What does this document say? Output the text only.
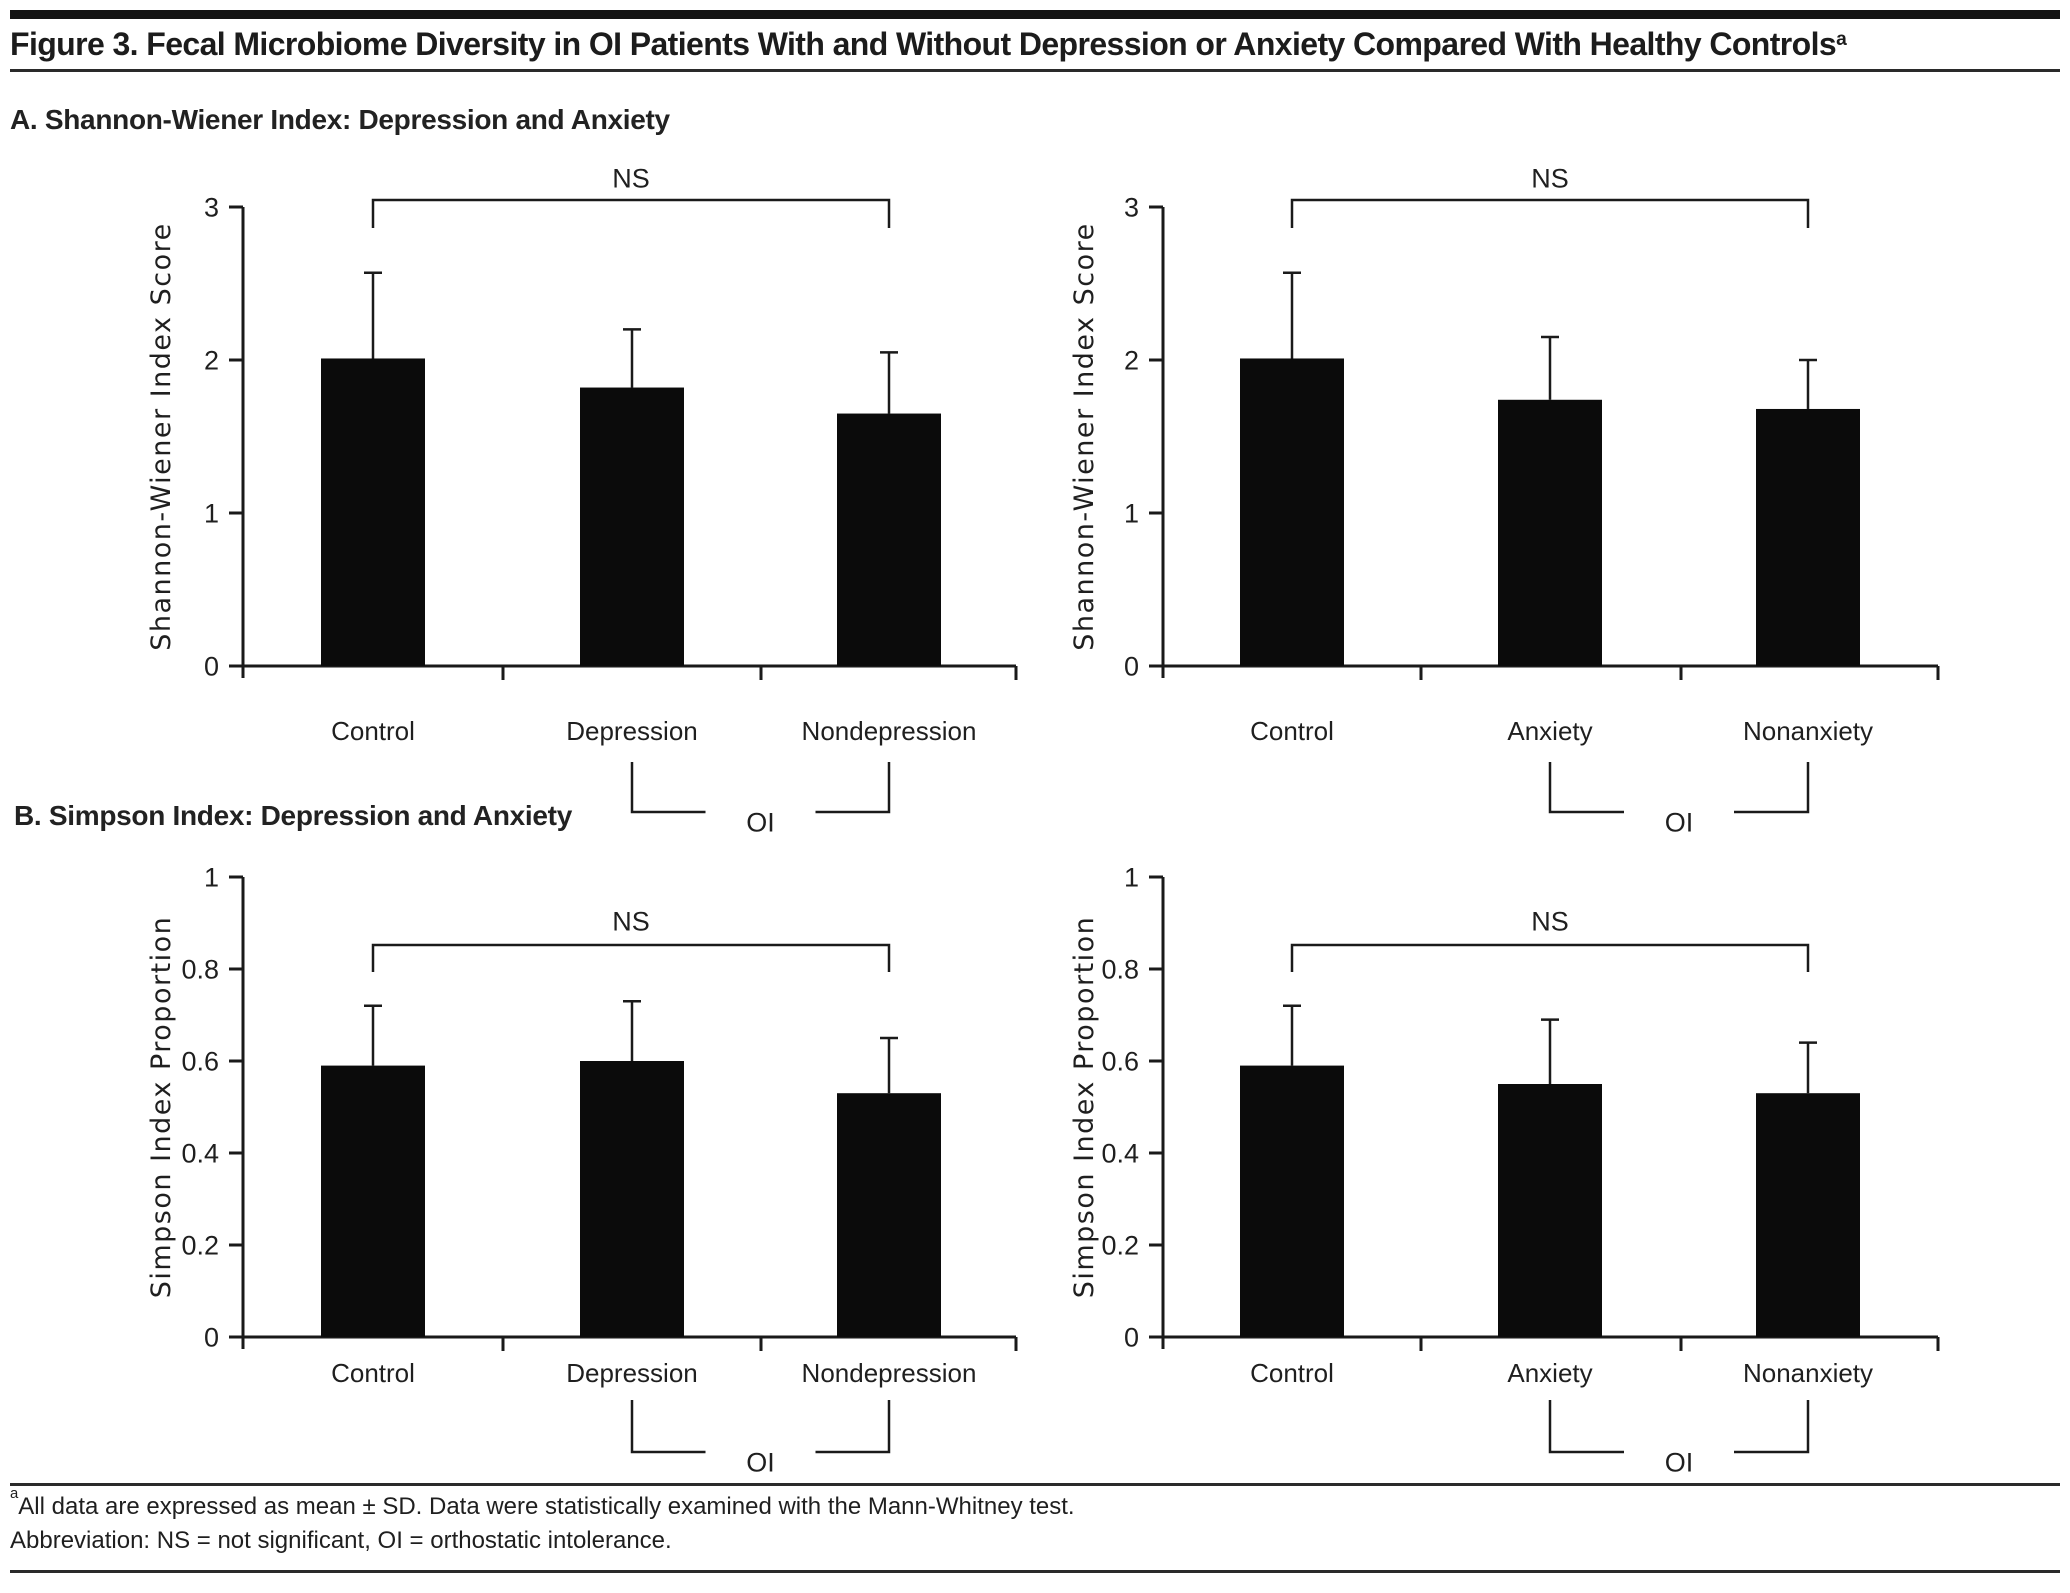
Figure 3. Fecal Microbiome Diversity in OI Patients With and Without Depression or Anxiety Compared With Healthy Controls$^a$
A. Shannon-Wiener Index: Depression and Anxiety
B. Simpson Index: Depression and Anxiety
0
1
2
3
Shannon-Wiener Index Score
Control	Depression	Nondepression
NS
OI
0
1
2
3
Shannon-Wiener Index Score
Control	Anxiety	Nonanxiety
NS
OI
0
0.2
0.4
0.6
0.8
1
Simpson Index Proportion
Control	Depression	Nondepression
NS
OI
0
0.2
0.4
0.6
0.8
1
Simpson Index Proportion
Control	Anxiety	Nonanxiety
NS
OI
$^a$All data are expressed as mean ± SD. Data were statistically examined with the Mann-Whitney test.
Abbreviation: NS = not significant, OI = orthostatic intolerance.
